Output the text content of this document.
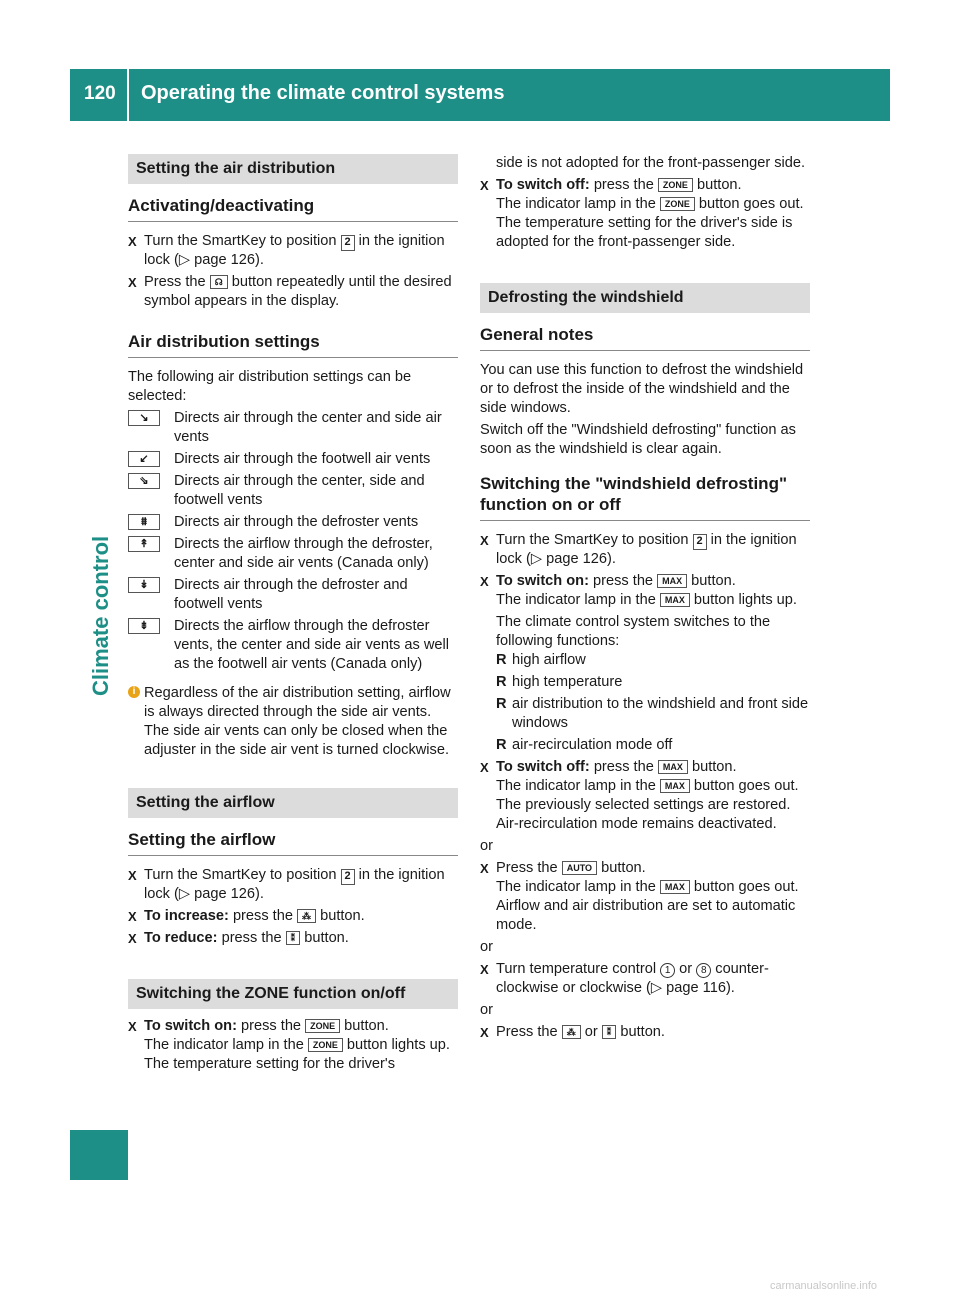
120 Operating the climate control systems
Climate control
Setting the air distribution
Activating/deactivating
X Turn the SmartKey to position 2 in the ignition lock (▷ page 126).
X Press the ☊ button repeatedly until the desired symbol appears in the display.
Air distribution settings

The following air distribution settings can be selected:

↘	Directs air through the center and side air vents
↙	Directs air through the footwell air vents
⇘	Directs air through the center, side and footwell vents
⩩	Directs air through the defroster vents
↟	Directs the airflow through the defroster, center and side air vents (Canada only)
↡	Directs air through the defroster and footwell vents
⇟	Directs the airflow through the defroster vents, the center and side air vents as well as the footwell air vents (Canada only)
i Regardless of the air distribution setting, airflow is always directed through the side air vents. The side air vents can only be closed when the adjuster in the side air vent is turned clockwise.
Setting the airflow
Setting the airflow
X Turn the SmartKey to position 2 in the ignition lock (▷ page 126).
X To increase: press the ⁂ button.
X To reduce: press the ⁑ button.
Switching the ZONE function on/off
X To switch on: press the ZONE button.
The indicator lamp in the ZONE button lights up. The temperature setting for the driver's
side is not adopted for the front-passenger side.
X To switch off: press the ZONE button.
The indicator lamp in the ZONE button goes out. The temperature setting for the driver's side is adopted for the front-passenger side.
Defrosting the windshield
General notes

You can use this function to defrost the windshield or to defrost the inside of the windshield and the side windows.

Switch off the "Windshield defrosting" function as soon as the windshield is clear again.

Switching the "windshield defrosting" function on or off
X Turn the SmartKey to position 2 in the ignition lock (▷ page 126).
X To switch on: press the MAX button.
The indicator lamp in the MAX button lights up.
The climate control system switches to the following functions:
R high airflow
R high temperature
R air distribution to the windshield and front side windows
R air-recirculation mode off
X To switch off: press the MAX button.
The indicator lamp in the MAX button goes out. The previously selected settings are restored. Air-recirculation mode remains deactivated.
or
X Press the AUTO button.
The indicator lamp in the MAX button goes out. Airflow and air distribution are set to automatic mode.
or
X Turn temperature control 1 or 8 counterclockwise or clockwise (▷ page 116).
or
X Press the ⁂ or ⁑ button.
carmanualsonline.info
